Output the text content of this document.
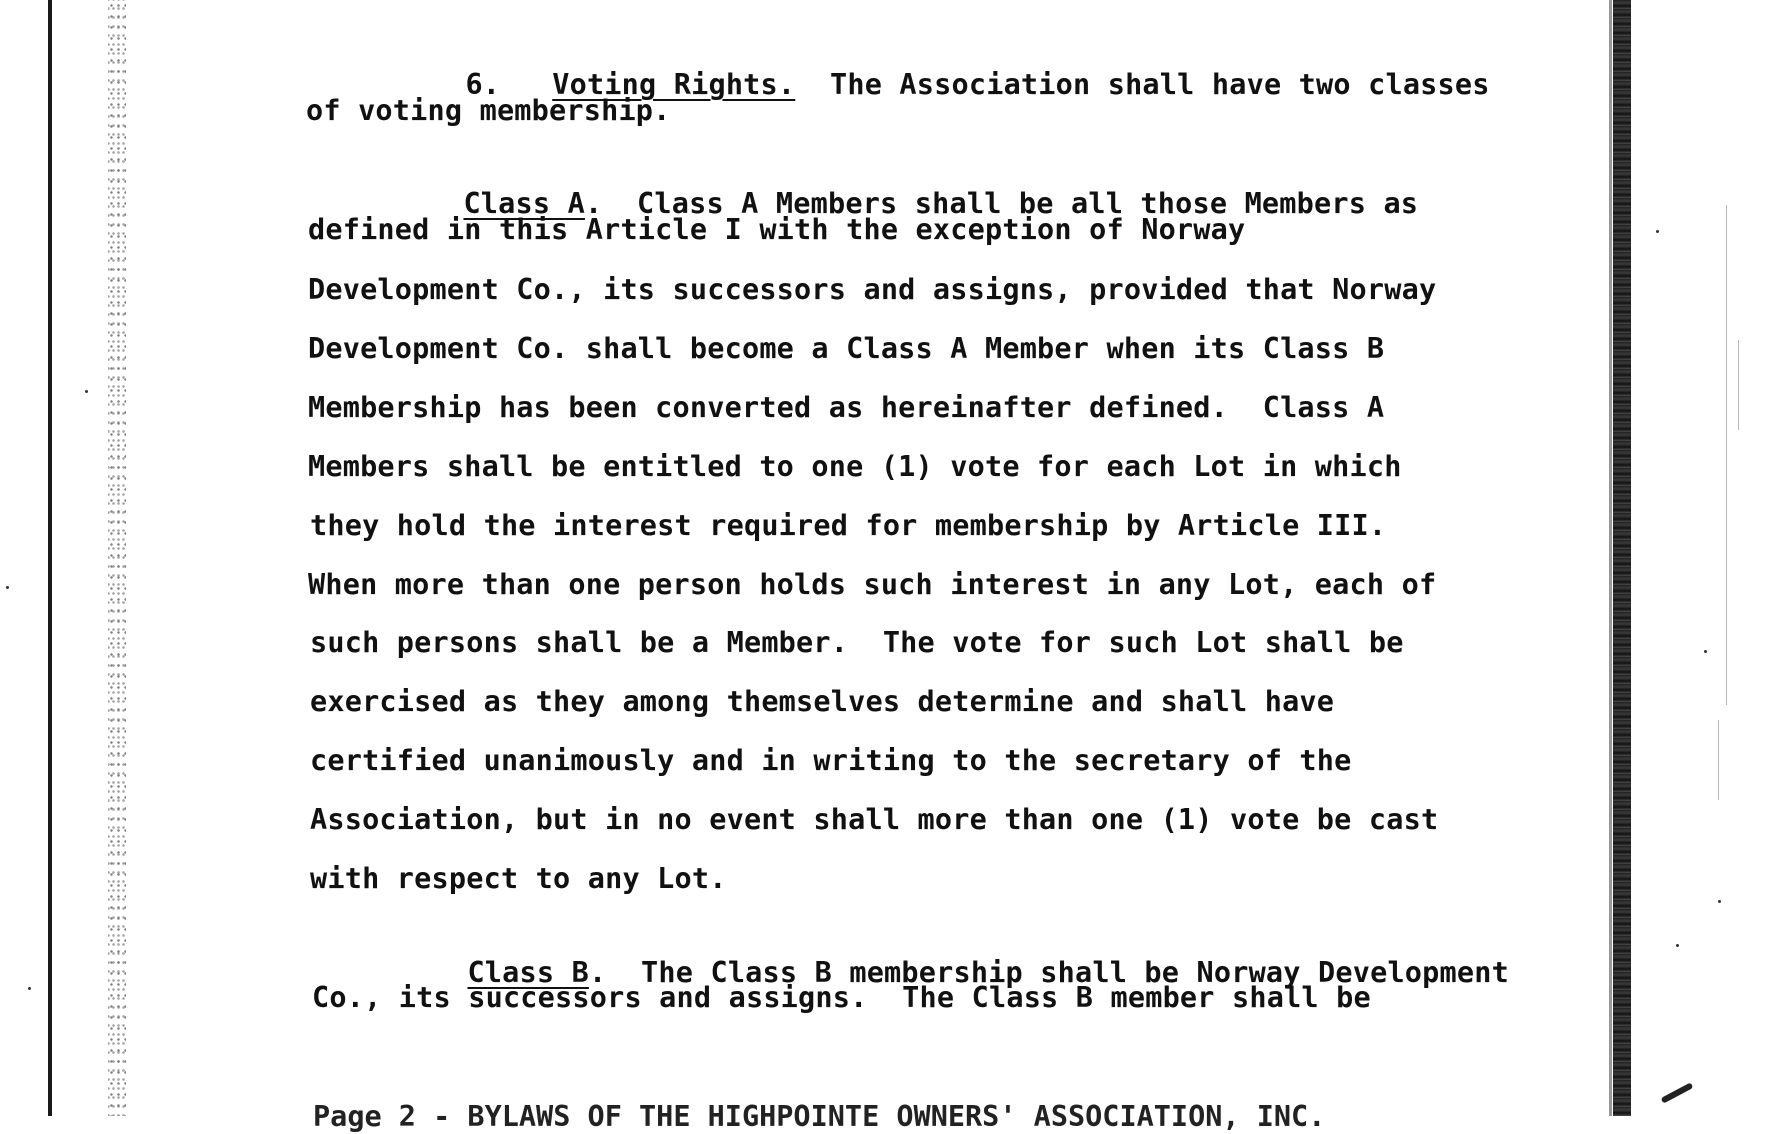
6. Voting Rights. The Association shall have two classes

of voting membership.

Class A. Class A Members shall be all those Members as

defined in this Article I with the exception of Norway
Development Co., its successors and assigns, provided that Norway
Development Co. shall become a Class A Member when its Class B
Membership has been converted as hereinafter defined.  Class A
Members shall be entitled to one (1) vote for each Lot in which
they hold the interest required for membership by Article III.
When more than one person holds such interest in any Lot, each of
such persons shall be a Member.  The vote for such Lot shall be
exercised as they among themselves determine and shall have
certified unanimously and in writing to the secretary of the
Association, but in no event shall more than one (1) vote be cast
with respect to any Lot.

Class B. The Class B membership shall be Norway Development

Co., its successors and assigns.  The Class B member shall be
Page 2 - BYLAWS OF THE HIGHPOINTE OWNERS' ASSOCIATION, INC.
